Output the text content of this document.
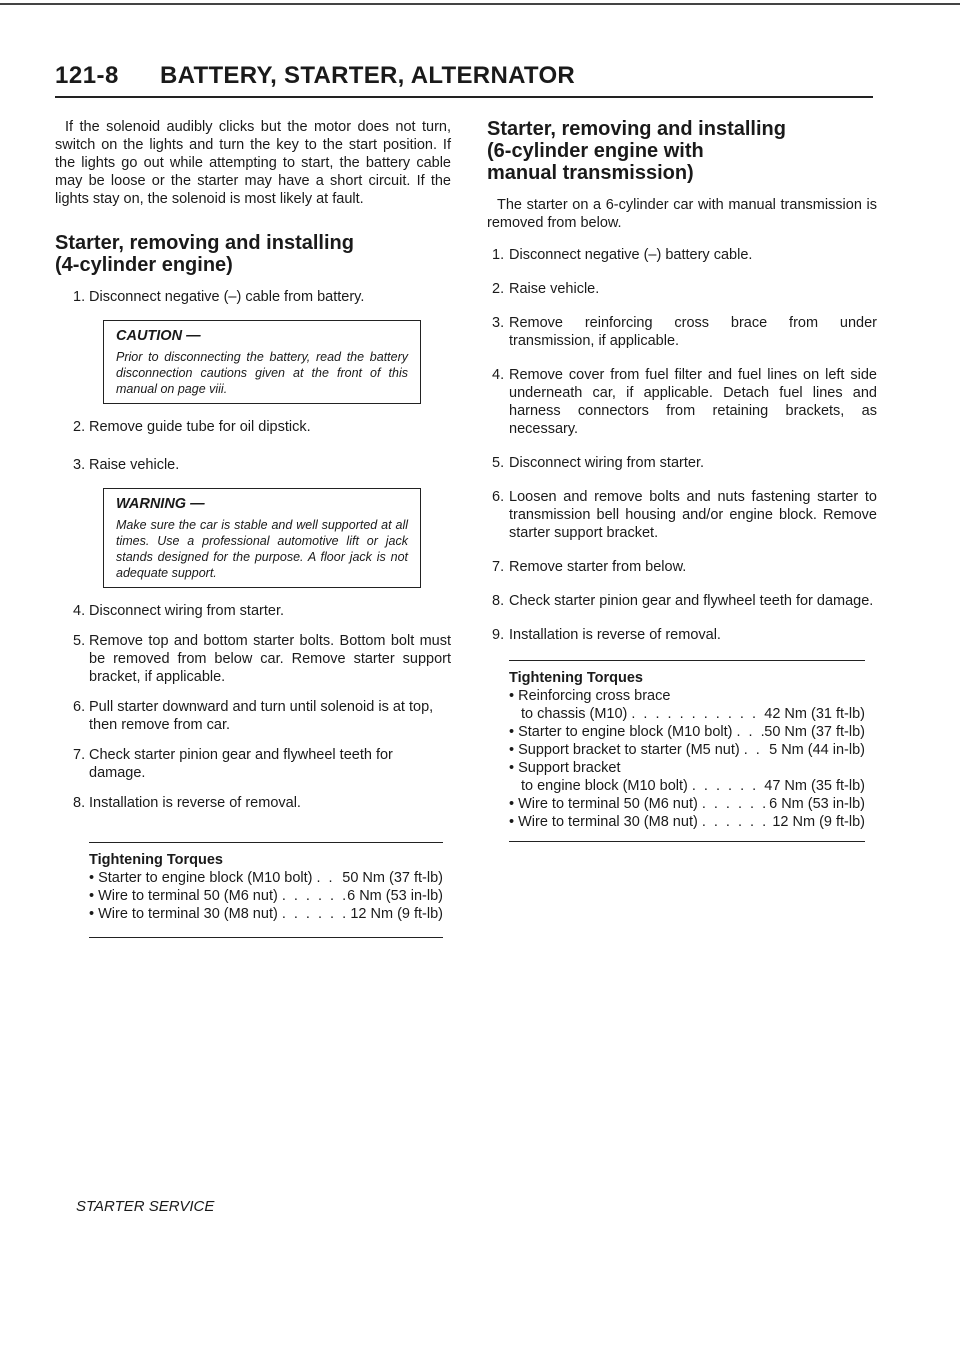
121-8 BATTERY, STARTER, ALTERNATOR

If the solenoid audibly clicks but the motor does not turn, switch on the lights and turn the key to the start position. If the lights go out while attempting to start, the battery cable may be loose or the starter may have a short circuit. If the lights stay on, the solenoid is most likely at fault.

Starter, removing and installing
(4-cylinder engine)
1. Disconnect negative (–) cable from battery.
CAUTION —
Prior to disconnecting the battery, read the battery disconnection cautions given at the front of this manual on page viii.
2. Remove guide tube for oil dipstick.
3. Raise vehicle.
WARNING —
Make sure the car is stable and well supported at all times. Use a professional automotive lift or jack stands designed for the purpose. A floor jack is not adequate support.
4. Disconnect wiring from starter.
5. Remove top and bottom starter bolts. Bottom bolt must be removed from below car. Remove starter support bracket, if applicable.
6. Pull starter downward and turn until solenoid is at top, then remove from car.
7. Check starter pinion gear and flywheel teeth for damage.
8. Installation is reverse of removal.
Tightening Torques
• Starter to engine block (M10 bolt) . . . 50 Nm (37 ft-lb)
• Wire to terminal 50 (M6 nut) . . .	6 Nm (53 in-lb)
• Wire to terminal 30 (M8 nut) . . .	12 Nm (9 ft-lb)
Starter, removing and installing
(6-cylinder engine with
manual transmission)

The starter on a 6-cylinder car with manual transmission is removed from below.

1. Disconnect negative (–) battery cable.
2. Raise vehicle.
3. Remove reinforcing cross brace from under transmission, if applicable.
4. Remove cover from fuel filter and fuel lines on left side underneath car, if applicable. Detach fuel lines and harness connectors from retaining brackets, as necessary.
5. Disconnect wiring from starter.
6. Loosen and remove bolts and nuts fastening starter to transmission bell housing and/or engine block. Remove starter support bracket.
7. Remove starter from below.
8. Check starter pinion gear and flywheel teeth for damage.
9. Installation is reverse of removal.
Tightening Torques
• Reinforcing cross brace
to chassis (M10) . . .	42 Nm (31 ft-lb)
• Starter to engine block (M10 bolt) . . . 50 Nm (37 ft-lb)
• Support bracket to starter (M5 nut) . . . 5 Nm (44 in-lb)
• Support bracket
to engine block (M10 bolt) . . .	47 Nm (35 ft-lb)
• Wire to terminal 50 (M6 nut) . . .	6 Nm (53 in-lb)
• Wire to terminal 30 (M8 nut) . . .	12 Nm (9 ft-lb)
STARTER SERVICE
